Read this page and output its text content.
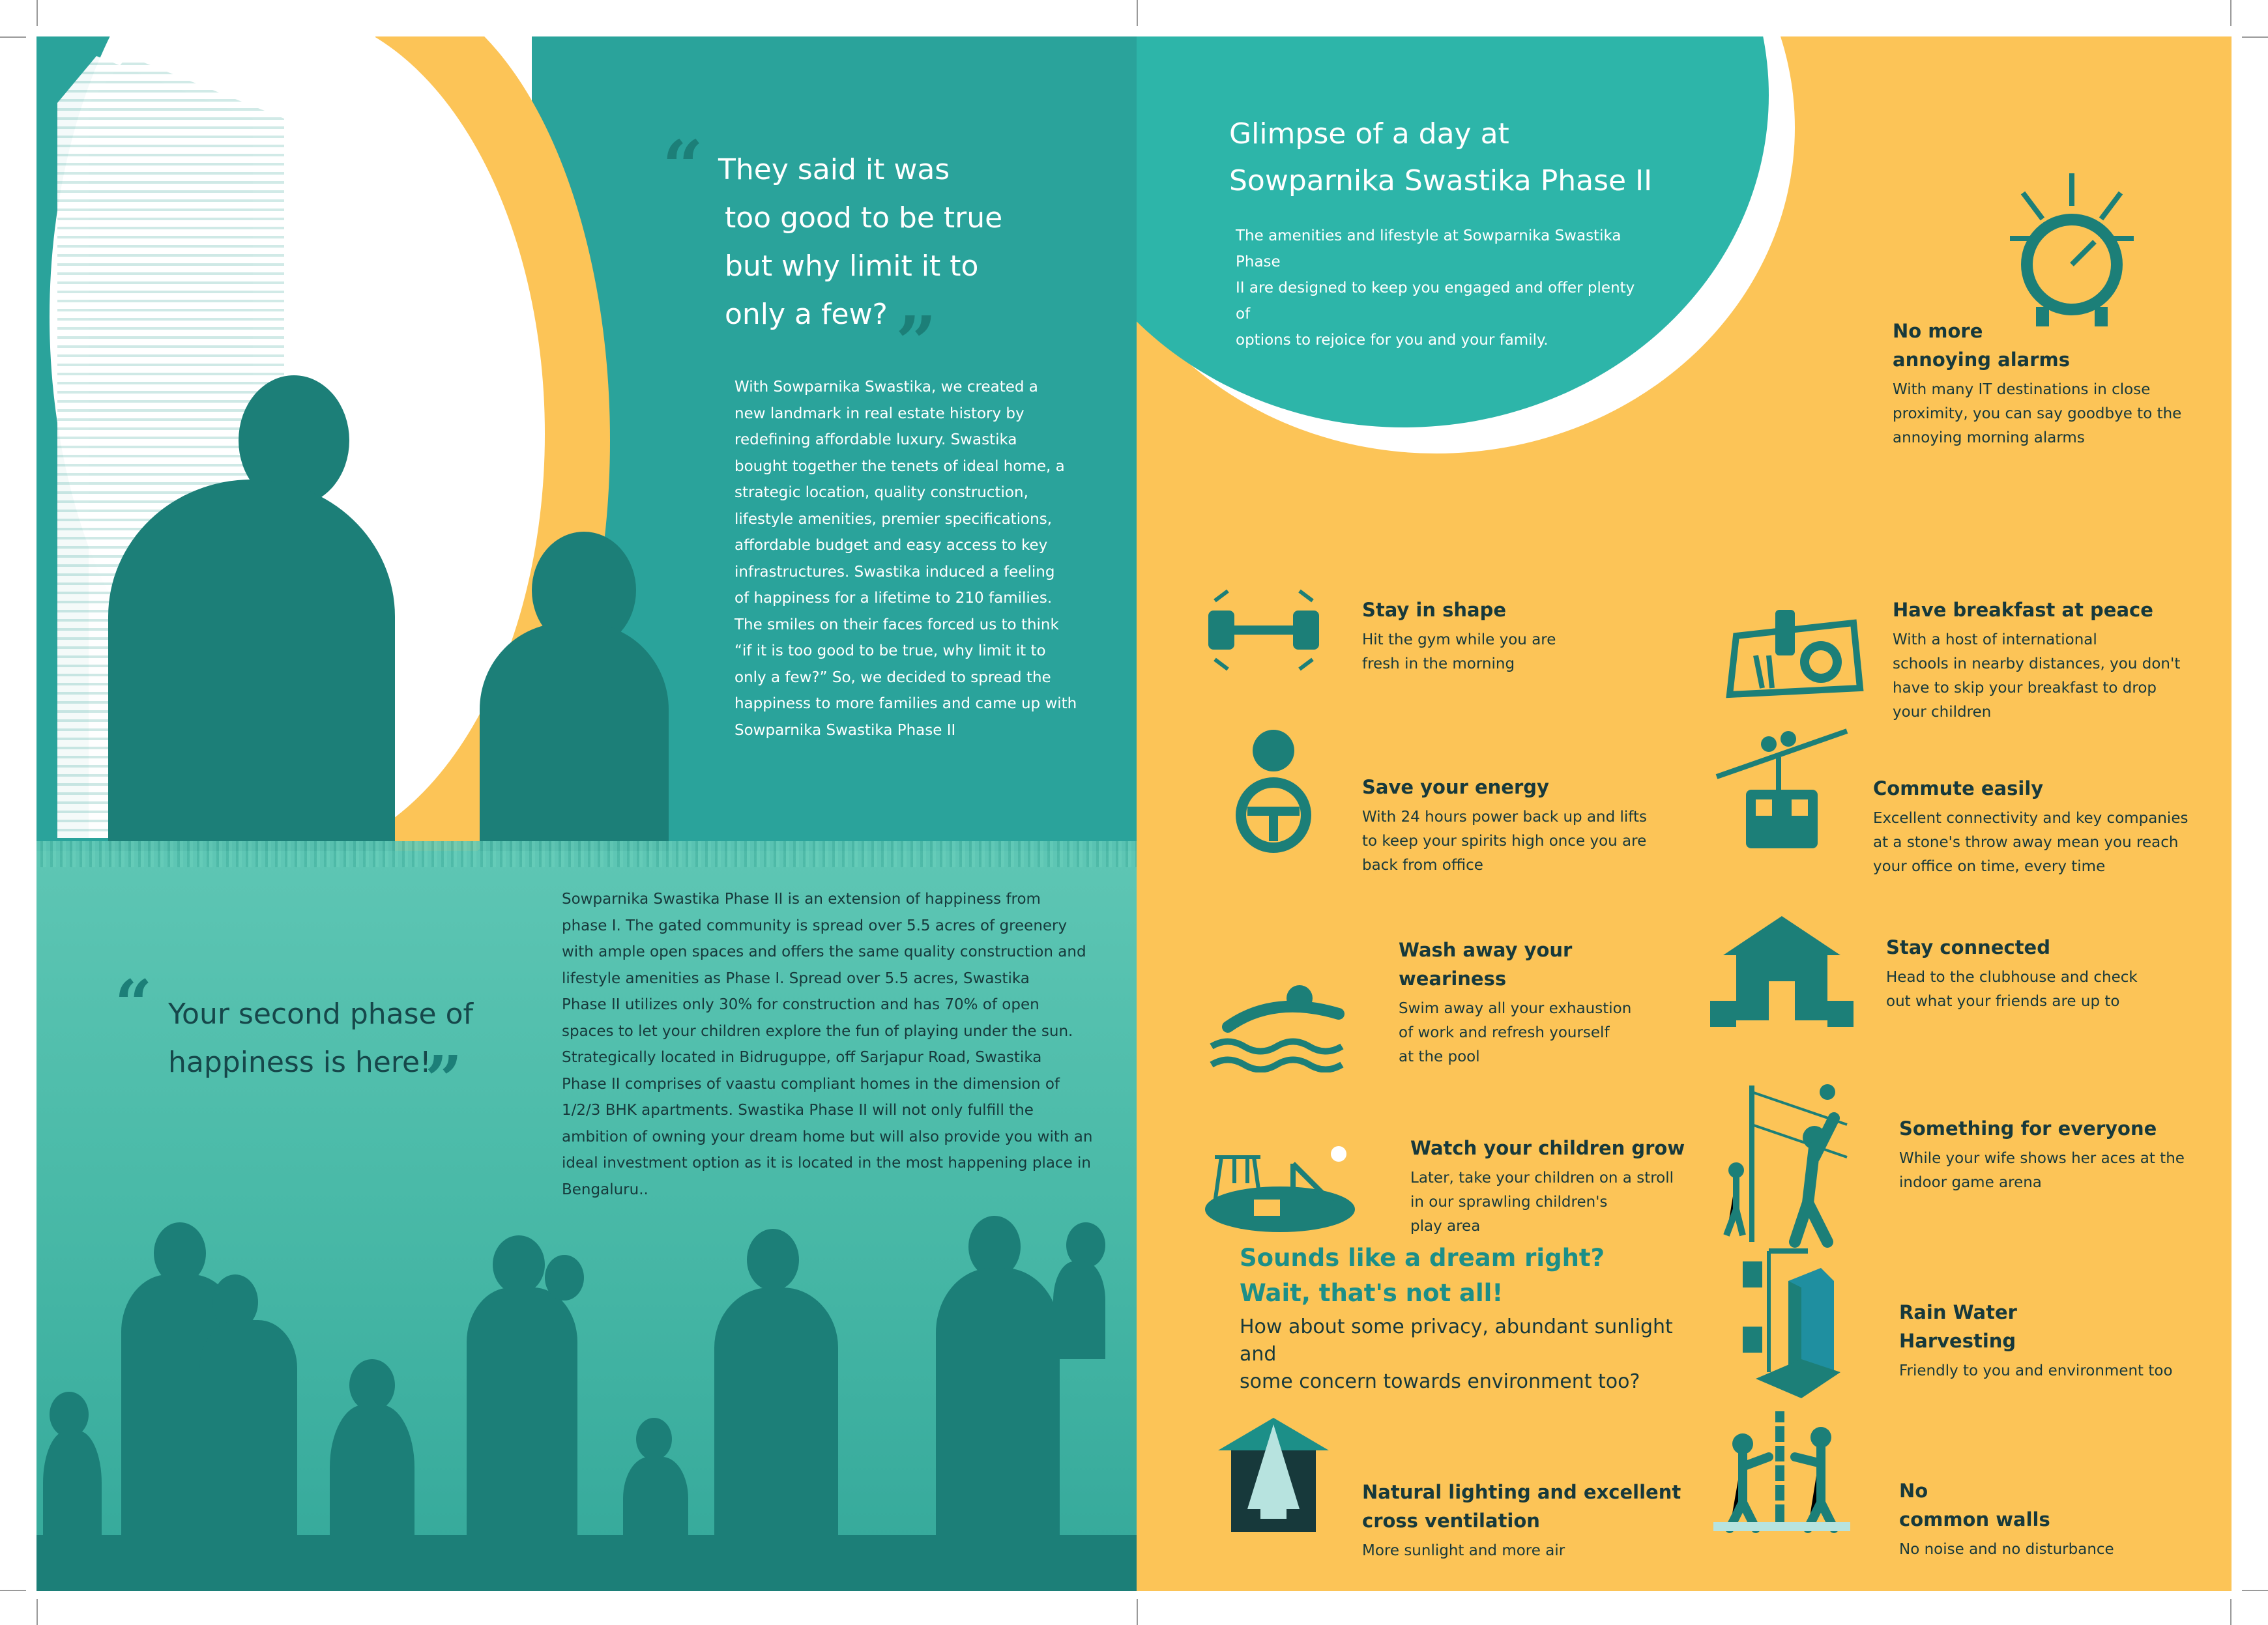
“ They said it was
too good to be true
but why limit it to
only a few? ”
With Sowparnika Swastika, we created a
new landmark in real estate history by
redefining affordable luxury. Swastika
bought together the tenets of ideal home, a
strategic location, quality construction,
lifestyle amenities, premier specifications,
affordable budget and easy access to key
infrastructures. Swastika induced a feeling
of happiness for a lifetime to 210 families.
The smiles on their faces forced us to think
“if it is too good to be true, why limit it to
only a few?” So, we decided to spread the
happiness to more families and came up with
Sowparnika Swastika Phase II
“ Your second phase of
happiness is here!
”
Sowparnika Swastika Phase II is an extension of happiness from
phase I. The gated community is spread over 5.5 acres of greenery
with ample open spaces and offers the same quality construction and
lifestyle amenities as Phase I. Spread over 5.5 acres, Swastika
Phase II utilizes only 30% for construction and has 70% of open
spaces to let your children explore the fun of playing under the sun.
Strategically located in Bidruguppe, off Sarjapur Road, Swastika
Phase II comprises of vaastu compliant homes in the dimension of
1/2/3 BHK apartments. Swastika Phase II will not only fulfill the
ambition of owning your dream home but will also provide you with an
ideal investment option as it is located in the most happening place in
Bengaluru..
Glimpse of a day at
Sowparnika Swastika Phase II
The amenities and lifestyle at Sowparnika Swastika Phase
II are designed to keep you engaged and offer plenty of
options to rejoice for you and your family.	No more
annoying alarms
With many IT destinations in close
proximity, you can say goodbye to the
annoying morning alarms
Stay in shape
Hit the gym while you are
fresh in the morning
Have breakfast at peace
With a host of international
schools in nearby distances, you don't
have to skip your breakfast to drop
your children
Save your energy
With 24 hours power back up and lifts
to keep your spirits high once you are
back from office
Commute easily
Excellent connectivity and key companies
at a stone's throw away mean you reach
your office on time, every time
Wash away your
weariness
Swim away all your exhaustion
of work and refresh yourself
at the pool
Stay connected
Head to the clubhouse and check
out what your friends are up to
Watch your children grow
Later, take your children on a stroll
in our sprawling children's
play area
Something for everyone
While your wife shows her aces at the
indoor game arena
Sounds like a dream right?
Wait, that's not all!
How about some privacy, abundant sunlight and
some concern towards environment too?
Rain Water
Harvesting
Friendly to you and environment too
Natural lighting and excellent
cross ventilation
More sunlight and more air
No
common walls
No noise and no disturbance
